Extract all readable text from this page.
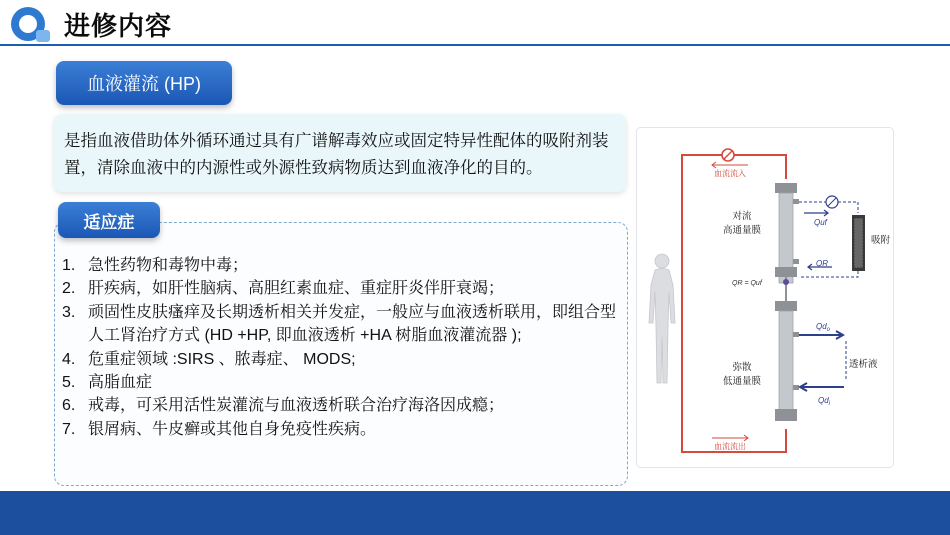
进修内容
血液灌流 (HP)
是指血液借助体外循环通过具有广谱解毒效应或固定特异性配体的吸附剂装置，清除血液中的内源性或外源性致病物质达到血液净化的目的。
适应症
1. 急性药物和毒物中毒；
2. 肝疾病，如肝性脑病、高胆红素血症、重症肝炎伴肝衰竭；
3. 顽固性皮肤瘙痒及长期透析相关并发症，一般应与血液透析联用，即组合型人工肾治疗方式 (HD +HP, 即血液透析 +HA 树脂血液灌流器 );
4. 危重症领域 :SIRS 、脓毒症、 MODS;
5. 高脂血症
6. 戒毒，可采用活性炭灌流与血液透析联合治疗海洛因成瘾；
7. 银屑病、牛皮癣或其他自身免疫性疾病。
血流流入
血流流出
对流
高通量膜
Quf
吸附
QR
QR = Quf
弥散
低通量膜
$Qd_o$
透析液
$Qd_i$
